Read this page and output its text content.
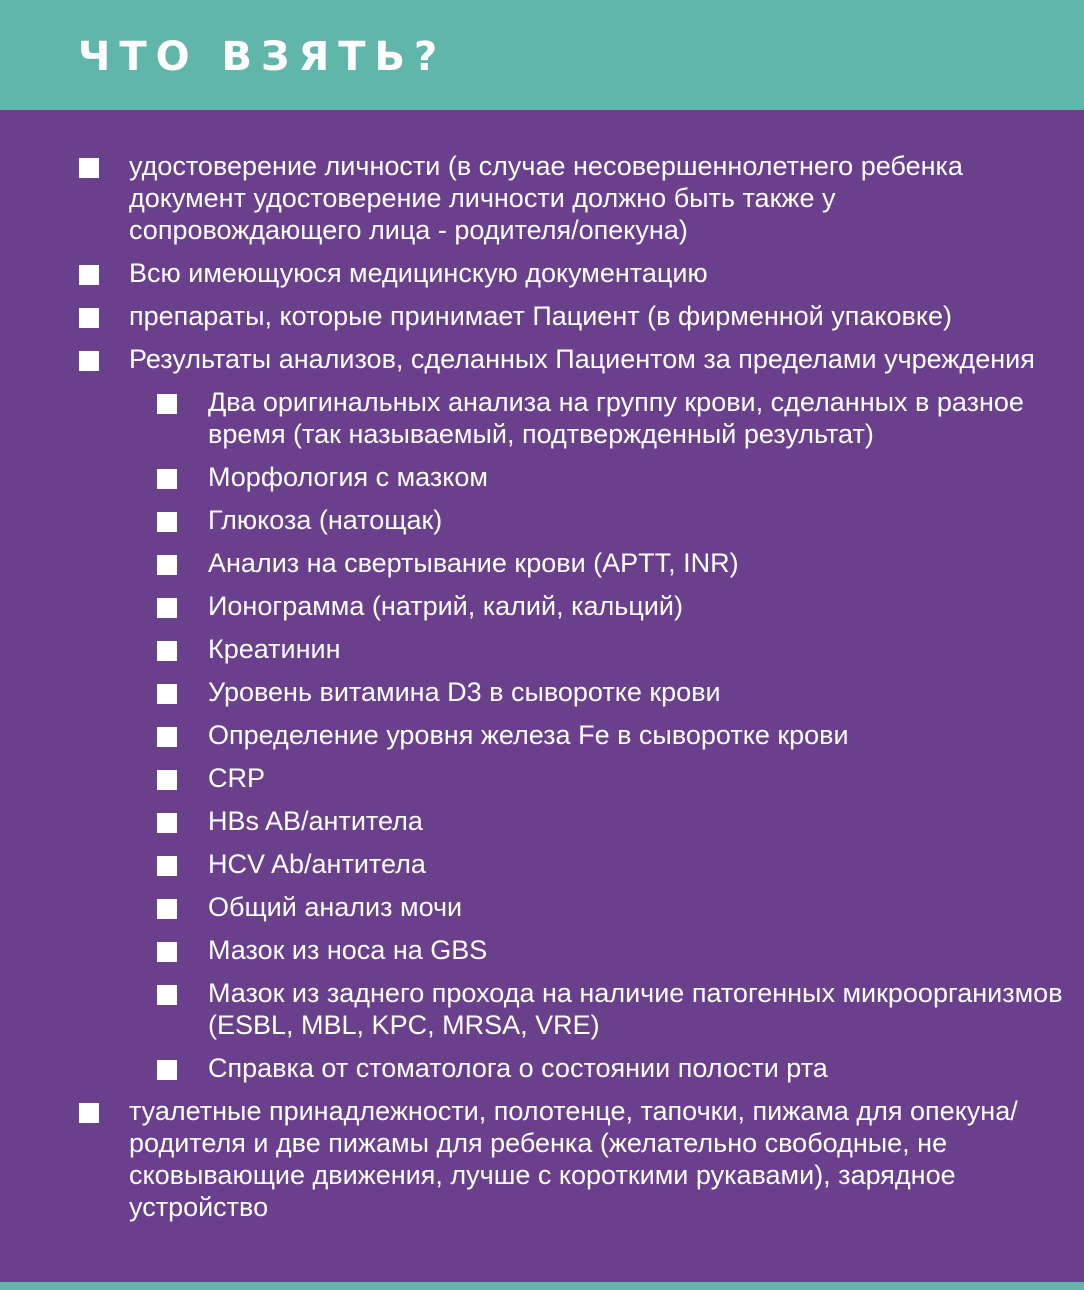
ЧТО ВЗЯТЬ?
удостоверение личности (в случае несовершеннолетнего ребенка документ удостоверение личности должно быть также у сопровождающего лица - родителя/опекуна)
Всю имеющуюся медицинскую документацию
препараты, которые принимает Пациент (в фирменной упаковке)
Результаты анализов, сделанных Пациентом за пределами учреждения
Два оригинальных анализа на группу крови, сделанных в разное время (так называемый, подтвержденный результат)
Морфология с мазком
Глюкоза (натощак)
Анализ на свертывание крови (APTT, INR)
Ионограмма (натрий, калий, кальций)
Креатинин
Уровень витамина D3 в сыворотке крови
Определение уровня железа Fe в сыворотке крови
CRP
HBs AB/антитела
HCV Ab/антитела
Общий анализ мочи
Мазок из носа на GBS
Мазок из заднего прохода на наличие патогенных микроорганизмов (ESBL, MBL, KPC, MRSA, VRE)
Справка от стоматолога о состоянии полости рта
туалетные принадлежности, полотенце, тапочки, пижама для опекуна/родителя и две пижамы для ребенка (желательно свободные, не сковывающие движения, лучше с короткими рукавами), зарядное устройство
